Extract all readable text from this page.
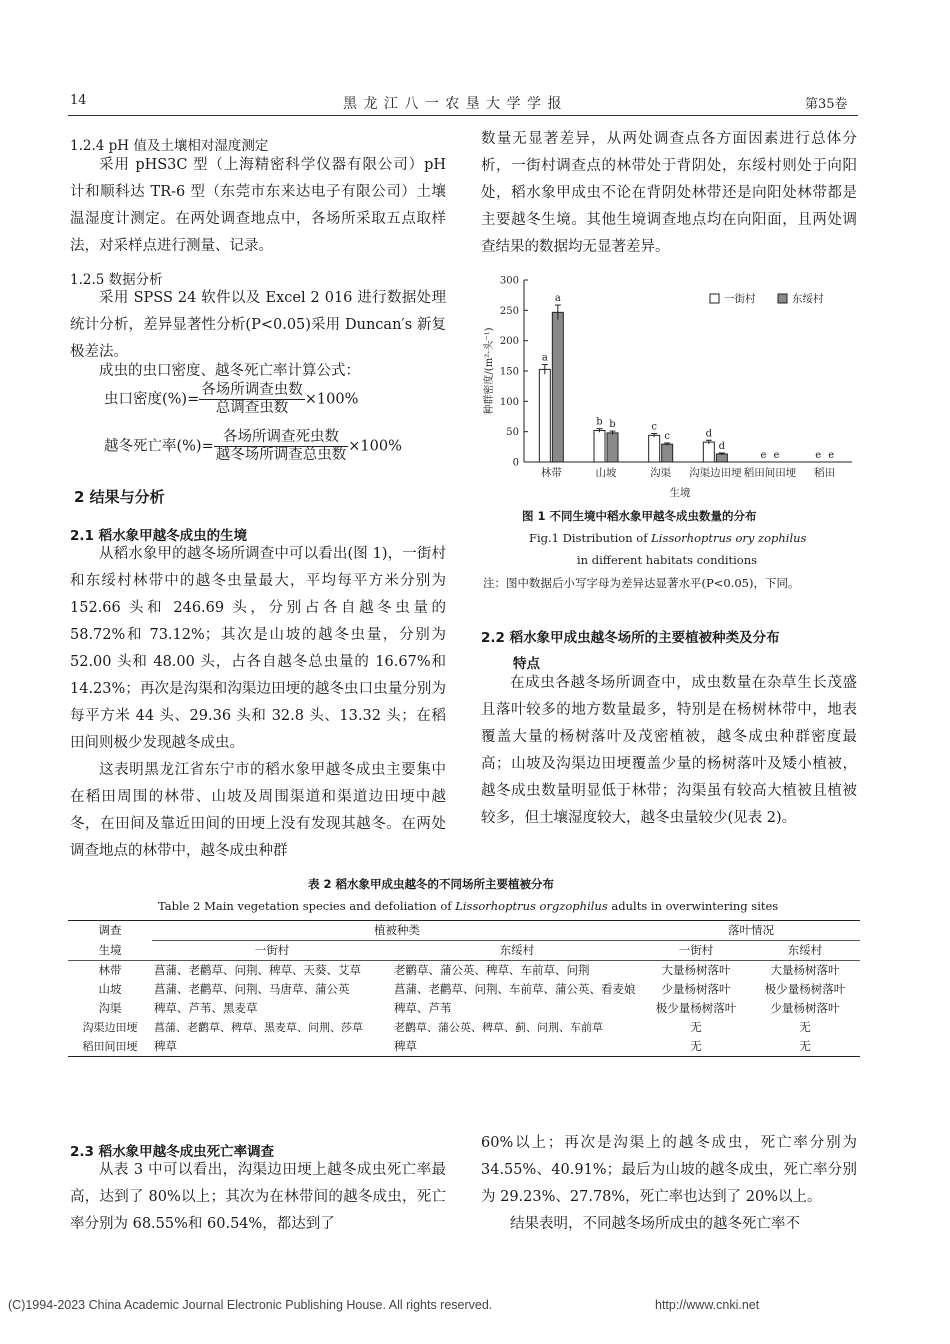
14	黑 龙 江 八 一 农 垦 大 学 学 报	第35卷
1.2.4 pH 值及土壤相对湿度测定

采用 pHS3C 型（上海精密科学仪器有限公司）pH 计和顺科达 TR-6 型（东莞市东来达电子有限公司）土壤温湿度计测定。在两处调查地点中，各场所采取五点取样法，对采样点进行测量、记录。

1.2.5 数据分析

采用 SPSS 24 软件以及 Excel 2 016 进行数据处理统计分析，差异显著性分析(P<0.05)采用 Duncan′s 新复极差法。

成虫的虫口密度、越冬死亡率计算公式：

虫口密度(%)= $\frac{\text{各场所调查虫数}}{\text{总调查虫数}} \times 100\%$
越冬死亡率(%)= $\frac{\text{各场所调查死虫数}}{\text{越冬场所调查总虫数}} \times 100\%$
2 结果与分析
2.1 稻水象甲越冬成虫的生境

从稻水象甲的越冬场所调查中可以看出(图 1)，一街村和东绥村林带中的越冬虫量最大，平均每平方米分别为 152.66 头和 246.69 头，分别占各自越冬虫量的 58.72%和 73.12%；其次是山坡的越冬虫量，分别为 52.00 头和 48.00 头，占各自越冬总虫量的 16.67%和 14.23%；再次是沟渠和沟渠边田埂的越冬虫口虫量分别为每平方米 44 头、29.36 头和 32.8 头、13.32 头；在稻田间则极少发现越冬成虫。

这表明黑龙江省东宁市的稻水象甲越冬成虫主要集中在稻田周围的林带、山坡及周围渠道和渠道边田埂中越冬，在田间及靠近田间的田埂上没有发现其越冬。在两处调查地点的林带中，越冬成虫种群

数量无显著差异，从两处调查点各方面因素进行总体分析，一街村调查点的林带处于背阴处，东绥村则处于向阳处，稻水象甲成虫不论在背阴处林带还是向阳处林带都是主要越冬生境。其他生境调查地点均在向阳面，且两处调查结果的数据均无显著差异。

0
50
100
150
200
250
300
种群密度/(m²·头⁻¹)	a
a
林带
b b
山坡
c
c
沟渠
d
d
沟渠边田埂
e e
稻田间田埂
e e
稻田
生境
一街村	东绥村
图 1 不同生境中稻水象甲越冬成虫数量的分布
Fig.1 Distribution of Lissorhoptrus ory zophilus
in different habitats conditions
注：图中数据后小写字母为差异达显著水平(P<0.05)，下同。
2.2 稻水象甲成虫越冬场所的主要植被种类及分布
特点

在成虫各越冬场所调查中，成虫数量在杂草生长茂盛且落叶较多的地方数量最多，特别是在杨树林带中，地表覆盖大量的杨树落叶及茂密植被，越冬成虫种群密度最高；山坡及沟渠边田埂覆盖少量的杨树落叶及矮小植被，越冬成虫数量明显低于林带；沟渠虽有较高大植被且植被较多，但土壤湿度较大，越冬虫量较少(见表 2)。

表 2 稻水象甲成虫越冬的不同场所主要植被分布
Table 2 Main vegetation species and defoliation of Lissorhoptrus orgzophilus adults in overwintering sites
调查	植被种类		落叶情况	
生境	一街村	东绥村	一街村	东绥村
林带	菖蒲、老鹳草、问荆、稗草、天葵、艾草	老鹳草、蒲公英、稗草、车前草、问荆	大量杨树落叶	大量杨树落叶
山坡	菖蒲、老鹳草、问荆、马唐草、蒲公英	菖蒲、老鹳草、问荆、车前草、蒲公英、看麦娘	少量杨树落叶	极少量杨树落叶
沟渠	稗草、芦苇、黑麦草	稗草、芦苇	极少量杨树落叶	少量杨树落叶
沟渠边田埂	菖蒲、老鹳草、稗草、黑麦草、问荆、莎草	老鹳草、蒲公英、稗草、蓟、问荆、车前草	无	无
稻田间田埂	稗草	稗草	无	无
2.3 稻水象甲越冬成虫死亡率调查

从表 3 中可以看出，沟渠边田埂上越冬成虫死亡率最高，达到了 80%以上；其次为在林带间的越冬成虫，死亡率分别为 68.55%和 60.54%，都达到了

60%以上；再次是沟渠上的越冬成虫，死亡率分别为 34.55%、40.91%；最后为山坡的越冬成虫，死亡率分别为 29.23%、27.78%，死亡率也达到了 20%以上。

结果表明，不同越冬场所成虫的越冬死亡率不

(C)1994-2023 China Academic Journal Electronic Publishing House. All rights reserved.	http://www.cnki.net
